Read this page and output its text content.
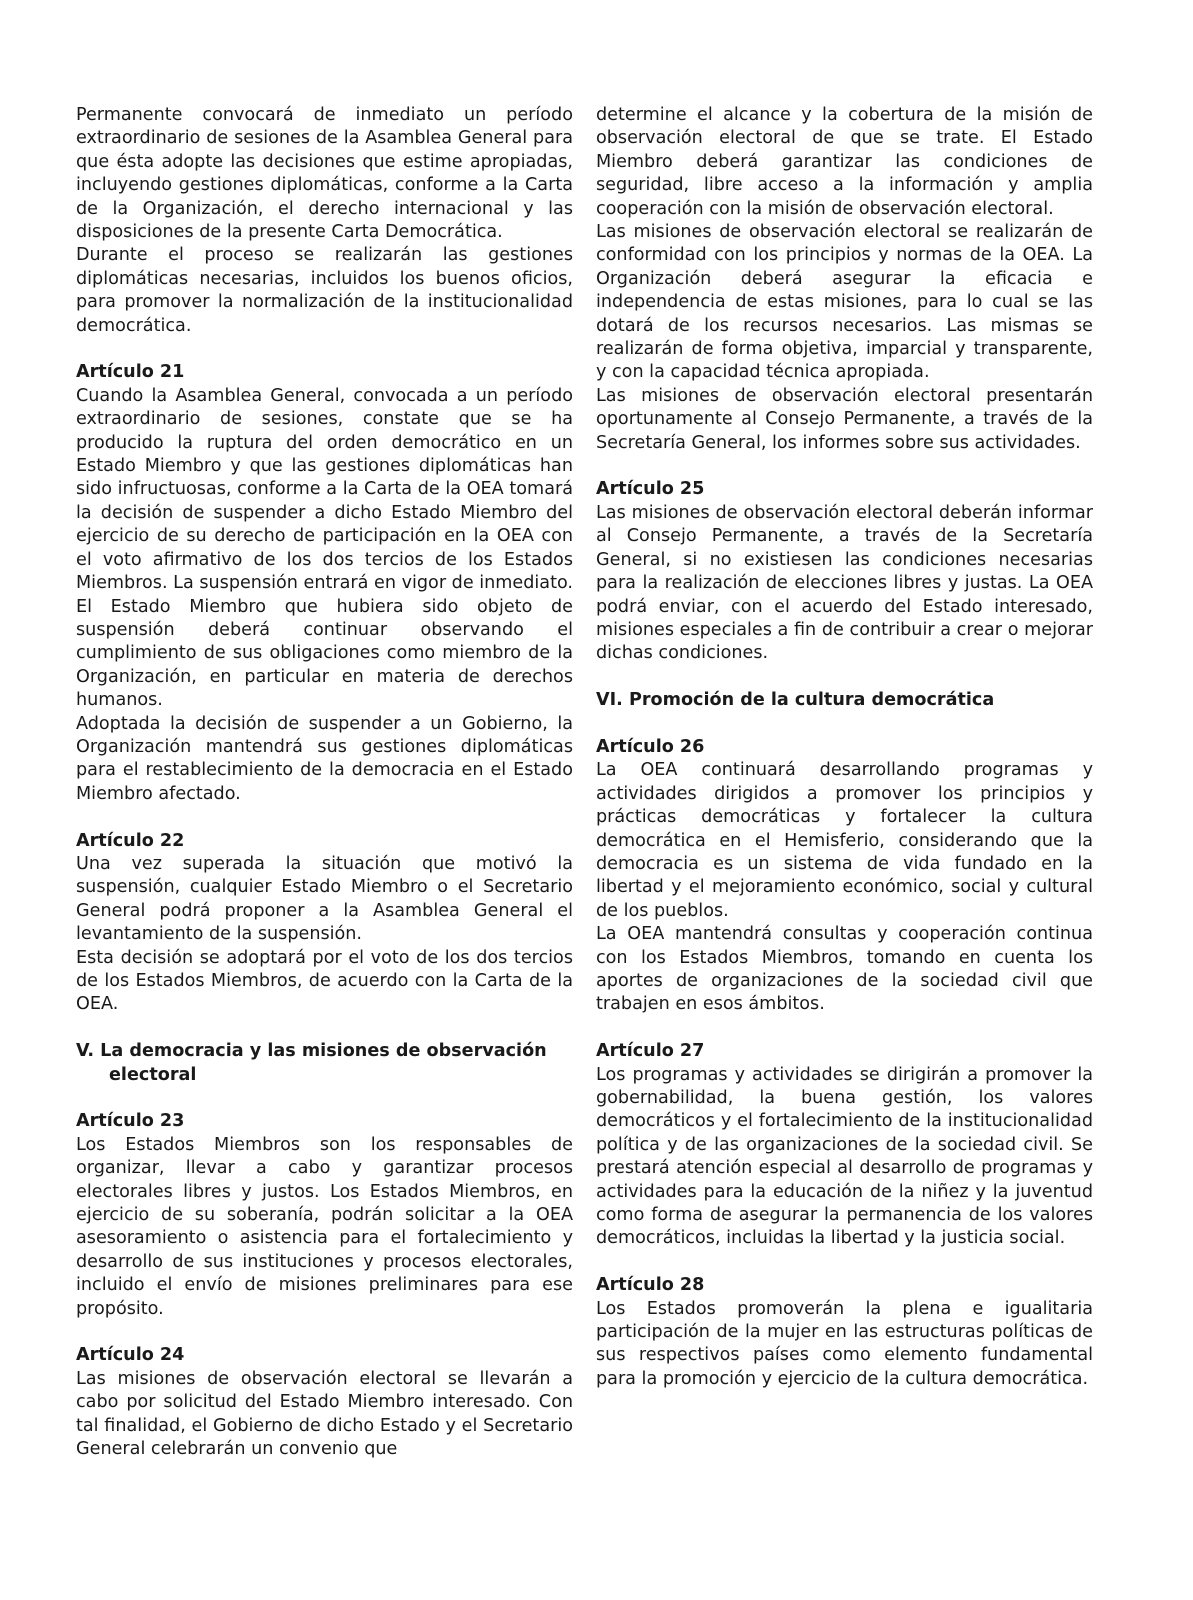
Permanente convocará de inmediato un período extraordinario de sesiones de la Asamblea General para que ésta adopte las decisiones que estime apropiadas, incluyendo gestiones diplomáticas, conforme a la Carta de la Organización, el derecho internacional y las disposiciones de la presente Carta Democrática.

Durante el proceso se realizarán las gestiones diplomáticas necesarias, incluidos los buenos oficios, para promover la normalización de la institucionalidad democrática.

Artículo 21

Cuando la Asamblea General, convocada a un período extraordinario de sesiones, constate que se ha producido la ruptura del orden democrático en un Estado Miembro y que las gestiones diplomáticas han sido infructuosas, conforme a la Carta de la OEA tomará la decisión de suspender a dicho Estado Miembro del ejercicio de su derecho de participación en la OEA con el voto afirmativo de los dos tercios de los Estados Miembros. La suspensión entrará en vigor de inmediato.

El Estado Miembro que hubiera sido objeto de suspensión deberá continuar observando el cumplimiento de sus obligaciones como miembro de la Organización, en particular en materia de derechos humanos.

Adoptada la decisión de suspender a un Gobierno, la Organización mantendrá sus gestiones diplomáticas para el restablecimiento de la democracia en el Estado Miembro afectado.

Artículo 22

Una vez superada la situación que motivó la suspensión, cualquier Estado Miembro o el Secretario General podrá proponer a la Asamblea General el levantamiento de la suspensión.

Esta decisión se adoptará por el voto de los dos tercios de los Estados Miembros, de acuerdo con la Carta de la OEA.

V. La democracia y las misiones de observación
electoral

Artículo 23

Los Estados Miembros son los responsables de organizar, llevar a cabo y garantizar procesos electorales libres y justos. Los Estados Miembros, en ejercicio de su soberanía, podrán solicitar a la OEA asesoramiento o asistencia para el fortalecimiento y desarrollo de sus instituciones y procesos electorales, incluido el envío de misiones preliminares para ese propósito.

Artículo 24

Las misiones de observación electoral se llevarán a cabo por solicitud del Estado Miembro interesado. Con tal finalidad, el Gobierno de dicho Estado y el Secretario General celebrarán un convenio que

determine el alcance y la cobertura de la misión de observación electoral de que se trate. El Estado Miembro deberá garantizar las condiciones de seguridad, libre acceso a la información y amplia cooperación con la misión de observación electoral.

Las misiones de observación electoral se realizarán de conformidad con los principios y normas de la OEA. La Organización deberá asegurar la eficacia e independencia de estas misiones, para lo cual se las dotará de los recursos necesarios. Las mismas se realizarán de forma objetiva, imparcial y transparente, y con la capacidad técnica apropiada.

Las misiones de observación electoral presentarán oportunamente al Consejo Permanente, a través de la Secretaría General, los informes sobre sus actividades.

Artículo 25

Las misiones de observación electoral deberán informar al Consejo Permanente, a través de la Secretaría General, si no existiesen las condiciones necesarias para la realización de elecciones libres y justas. La OEA podrá enviar, con el acuerdo del Estado interesado, misiones especiales a fin de contribuir a crear o mejorar dichas condiciones.

VI. Promoción de la cultura democrática

Artículo 26

La OEA continuará desarrollando programas y actividades dirigidos a promover los principios y prácticas democráticas y fortalecer la cultura democrática en el Hemisferio, considerando que la democracia es un sistema de vida fundado en la libertad y el mejoramiento económico, social y cultural de los pueblos.

La OEA mantendrá consultas y cooperación continua con los Estados Miembros, tomando en cuenta los aportes de organizaciones de la sociedad civil que trabajen en esos ámbitos.

Artículo 27

Los programas y actividades se dirigirán a promover la gobernabilidad, la buena gestión, los valores democráticos y el fortalecimiento de la institucionalidad política y de las organizaciones de la sociedad civil. Se prestará atención especial al desarrollo de programas y actividades para la educación de la niñez y la juventud como forma de asegurar la permanencia de los valores democráticos, incluidas la libertad y la justicia social.

Artículo 28

Los Estados promoverán la plena e igualitaria participación de la mujer en las estructuras políticas de sus respectivos países como elemento fundamental para la promoción y ejercicio de la cultura democrática.
